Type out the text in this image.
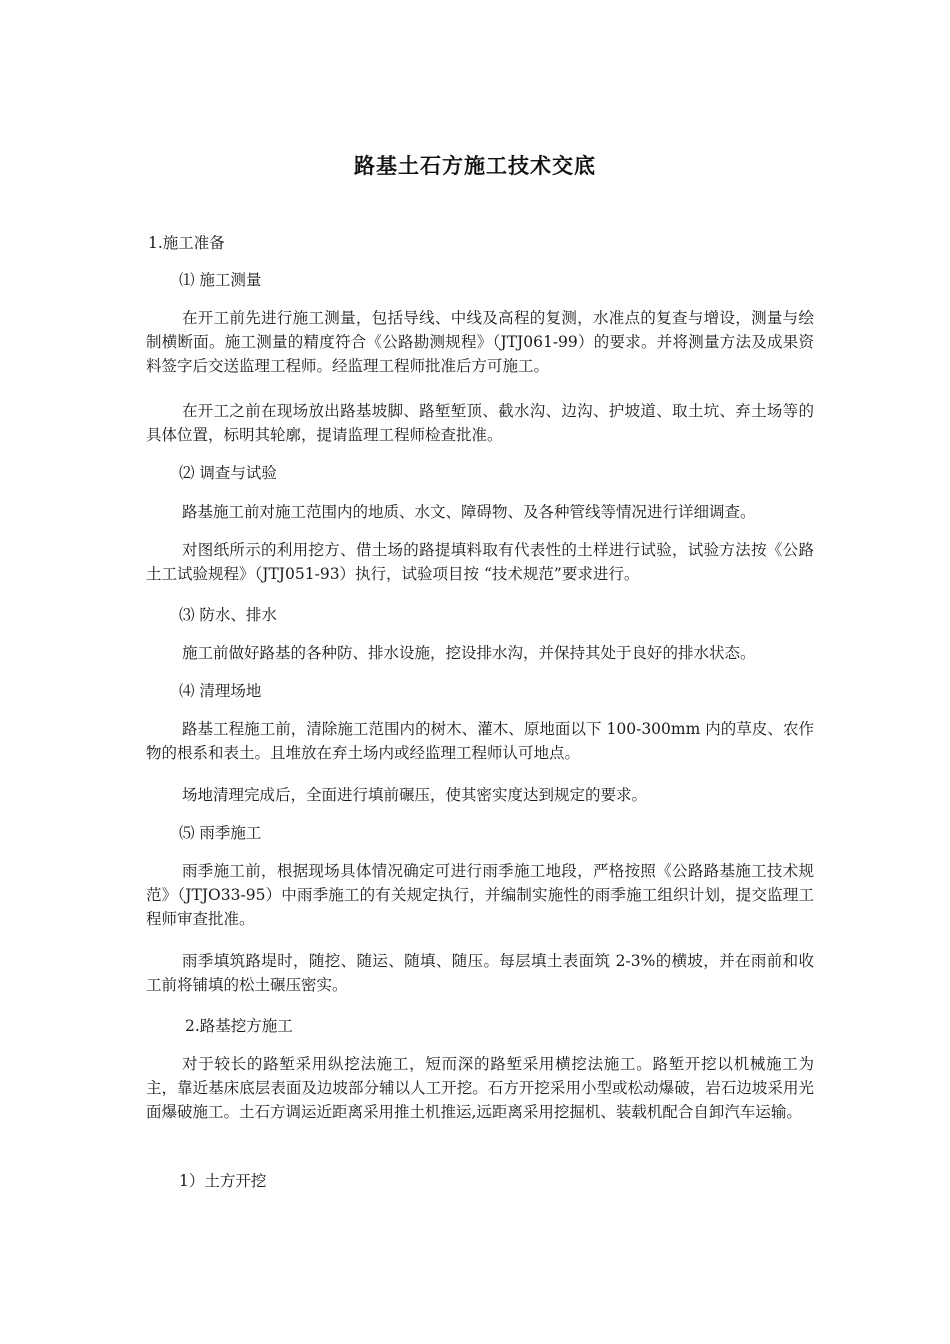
路基土石方施工技术交底
1.施工准备
⑴ 施工测量
在开工前先进行施工测量，包括导线、中线及高程的复测，水准点的复查与增设，测量与绘制横断面。施工测量的精度符合《公路勘测规程》（JTJ061-99）的要求。并将测量方法及成果资料签字后交送监理工程师。经监理工程师批准后方可施工。
在开工之前在现场放出路基坡脚、路堑堑顶、截水沟、边沟、护坡道、取土坑、弃土场等的具体位置，标明其轮廓，提请监理工程师检查批准。
⑵ 调查与试验
路基施工前对施工范围内的地质、水文、障碍物、及各种管线等情况进行详细调查。
对图纸所示的利用挖方、借土场的路提填料取有代表性的土样进行试验，试验方法按《公路土工试验规程》（JTJ051-93）执行，试验项目按 “技术规范”要求进行。
⑶ 防水、排水
施工前做好路基的各种防、排水设施，挖设排水沟，并保持其处于良好的排水状态。
⑷ 清理场地
路基工程施工前，清除施工范围内的树木、灌木、原地面以下 100-300mm 内的草皮、农作物的根系和表土。且堆放在弃土场内或经监理工程师认可地点。
场地清理完成后，全面进行填前碾压，使其密实度达到规定的要求。
⑸ 雨季施工
雨季施工前，根据现场具体情况确定可进行雨季施工地段，严格按照《公路路基施工技术规范》（JTJO33-95）中雨季施工的有关规定执行，并编制实施性的雨季施工组织计划，提交监理工程师审查批准。
雨季填筑路堤时，随挖、随运、随填、随压。每层填土表面筑 2-3%的横坡，并在雨前和收工前将铺填的松土碾压密实。
2.路基挖方施工
对于较长的路堑采用纵挖法施工，短而深的路堑采用横挖法施工。路堑开挖以机械施工为主，靠近基床底层表面及边坡部分辅以人工开挖。石方开挖采用小型或松动爆破，岩石边坡采用光面爆破施工。土石方调运近距离采用推土机推运,远距离采用挖掘机、装载机配合自卸汽车运输。
1）土方开挖
